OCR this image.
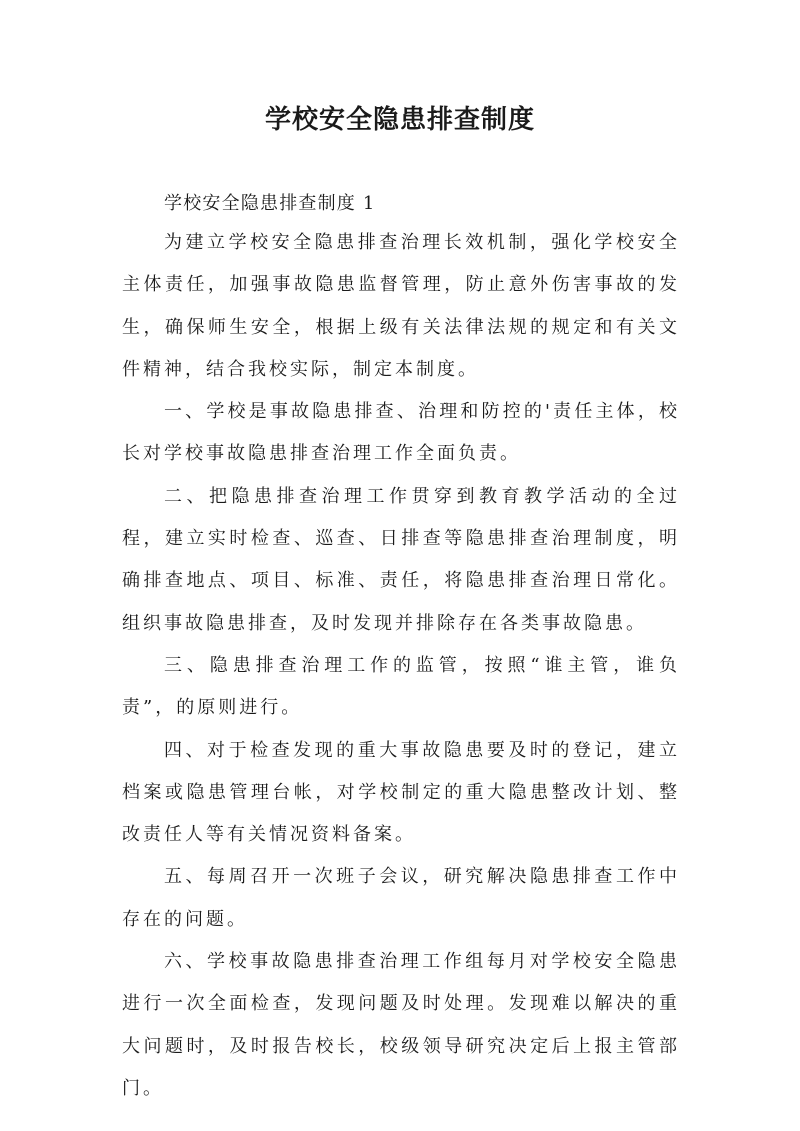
学校安全隐患排查制度

学校安全隐患排查制度 1

为建立学校安全隐患排查治理长效机制，强化学校安全主体责任，加强事故隐患监督管理，防止意外伤害事故的发生，确保师生安全，根据上级有关法律法规的规定和有关文件精神，结合我校实际，制定本制度。

一、学校是事故隐患排查、治理和防控的'责任主体，校长对学校事故隐患排查治理工作全面负责。

二、把隐患排查治理工作贯穿到教育教学活动的全过程，建立实时检查、巡查、日排查等隐患排查治理制度，明确排查地点、项目、标准、责任，将隐患排查治理日常化。组织事故隐患排查，及时发现并排除存在各类事故隐患。

三、隐患排查治理工作的监管，按照“谁主管，谁负责”，的原则进行。

四、对于检查发现的重大事故隐患要及时的登记，建立档案或隐患管理台帐，对学校制定的重大隐患整改计划、整改责任人等有关情况资料备案。

五、每周召开一次班子会议，研究解决隐患排查工作中存在的问题。

六、学校事故隐患排查治理工作组每月对学校安全隐患进行一次全面检查，发现问题及时处理。发现难以解决的重大问题时，及时报告校长，校级领导研究决定后上报主管部门。
